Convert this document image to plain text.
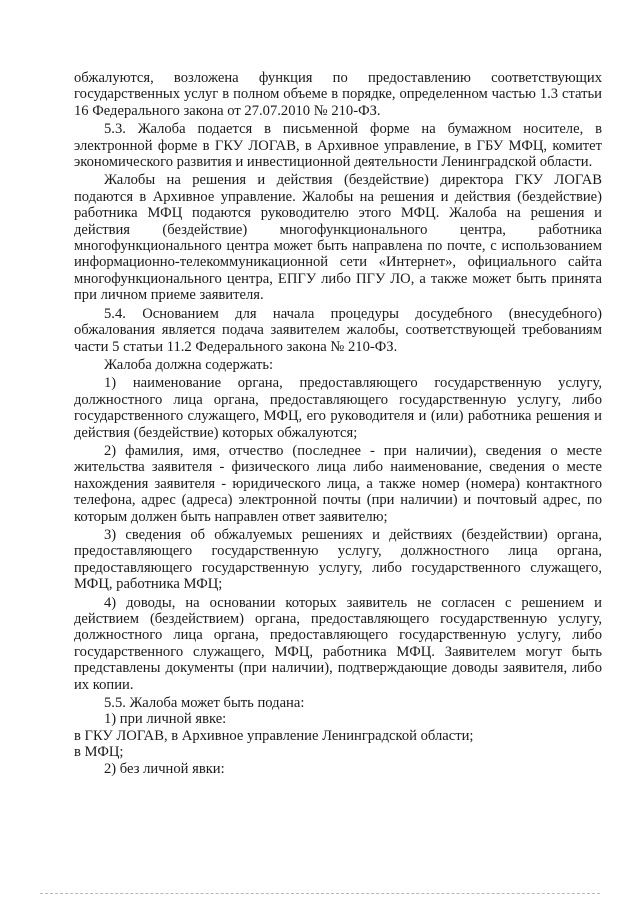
обжалуются, возложена функция по предоставлению соответствующих государственных услуг в полном объеме в порядке, определенном частью 1.3 статьи 16 Федерального закона от 27.07.2010 № 210-ФЗ.

5.3. Жалоба подается в письменной форме на бумажном носителе, в электронной форме в ГКУ ЛОГАВ, в Архивное управление, в ГБУ МФЦ, комитет экономического развития и инвестиционной деятельности Ленинградской области.

Жалобы на решения и действия (бездействие) директора ГКУ ЛОГАВ подаются в Архивное управление. Жалобы на решения и действия (бездействие) работника МФЦ подаются руководителю этого МФЦ. Жалоба на решения и действия (бездействие) многофункционального центра, работника многофункционального центра может быть направлена по почте, с использованием информационно-телекоммуникационной сети «Интернет», официального сайта многофункционального центра, ЕПГУ либо ПГУ ЛО, а также может быть принята при личном приеме заявителя.

5.4. Основанием для начала процедуры досудебного (внесудебного) обжалования является подача заявителем жалобы, соответствующей требованиям части 5 статьи 11.2 Федерального закона № 210-ФЗ.

Жалоба должна содержать:

1) наименование органа, предоставляющего государственную услугу, должностного лица органа, предоставляющего государственную услугу, либо государственного служащего, МФЦ, его руководителя и (или) работника решения и действия (бездействие) которых обжалуются;

2) фамилия, имя, отчество (последнее - при наличии), сведения о месте жительства заявителя - физического лица либо наименование, сведения о месте нахождения заявителя - юридического лица, а также номер (номера) контактного телефона, адрес (адреса) электронной почты (при наличии) и почтовый адрес, по которым должен быть направлен ответ заявителю;

3) сведения об обжалуемых решениях и действиях (бездействии) органа, предоставляющего государственную услугу, должностного лица органа, предоставляющего государственную услугу, либо государственного служащего, МФЦ, работника МФЦ;

4) доводы, на основании которых заявитель не согласен с решением и действием (бездействием) органа, предоставляющего государственную услугу, должностного лица органа, предоставляющего государственную услугу, либо государственного служащего, МФЦ, работника МФЦ. Заявителем могут быть представлены документы (при наличии), подтверждающие доводы заявителя, либо их копии.

5.5. Жалоба может быть подана:

1) при личной явке:

в ГКУ ЛОГАВ, в Архивное управление Ленинградской области;

в МФЦ;

2) без личной явки:
